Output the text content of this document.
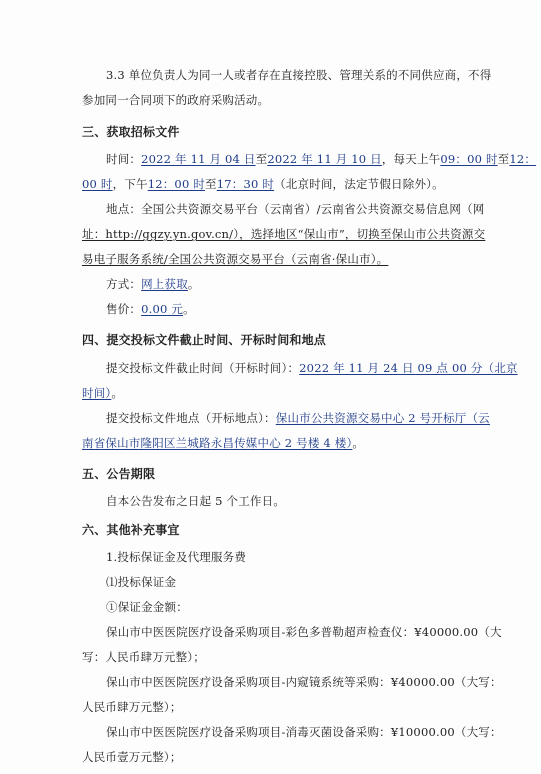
3.3 单位负责人为同一人或者存在直接控股、管理关系的不同供应商，不得
参加同一合同项下的政府采购活动。
三、获取招标文件
时间：2022 年 11 月 04 日至2022 年 11 月 10 日，每天上午09：00 时至12：
00 时，下午12：00 时至17：30 时（北京时间，法定节假日除外）。
地点：全国公共资源交易平台（云南省）/云南省公共资源交易信息网（网
址：http://ggzy.yn.gov.cn/），选择地区“保山市”，切换至保山市公共资源交
易电子服务系统/全国公共资源交易平台（云南省·保山市）。
方式：网上获取。
售价：0.00 元。
四、提交投标文件截止时间、开标时间和地点
提交投标文件截止时间（开标时间）：2022 年 11 月 24 日 09 点 00 分（北京
时间）。
提交投标文件地点（开标地点）：保山市公共资源交易中心 2 号开标厅（云
南省保山市隆阳区兰城路永昌传媒中心 2 号楼 4 楼）。
五、公告期限
自本公告发布之日起 5 个工作日。
六、其他补充事宜
1.投标保证金及代理服务费
⑴投标保证金
①保证金金额：
保山市中医医院医疗设备采购项目-彩色多普勒超声检查仪：¥40000.00（大
写：人民币肆万元整）；
保山市中医医院医疗设备采购项目-内窥镜系统等采购：¥40000.00（大写：
人民币肆万元整）；
保山市中医医院医疗设备采购项目-消毒灭菌设备采购：¥10000.00（大写：
人民币壹万元整）；
